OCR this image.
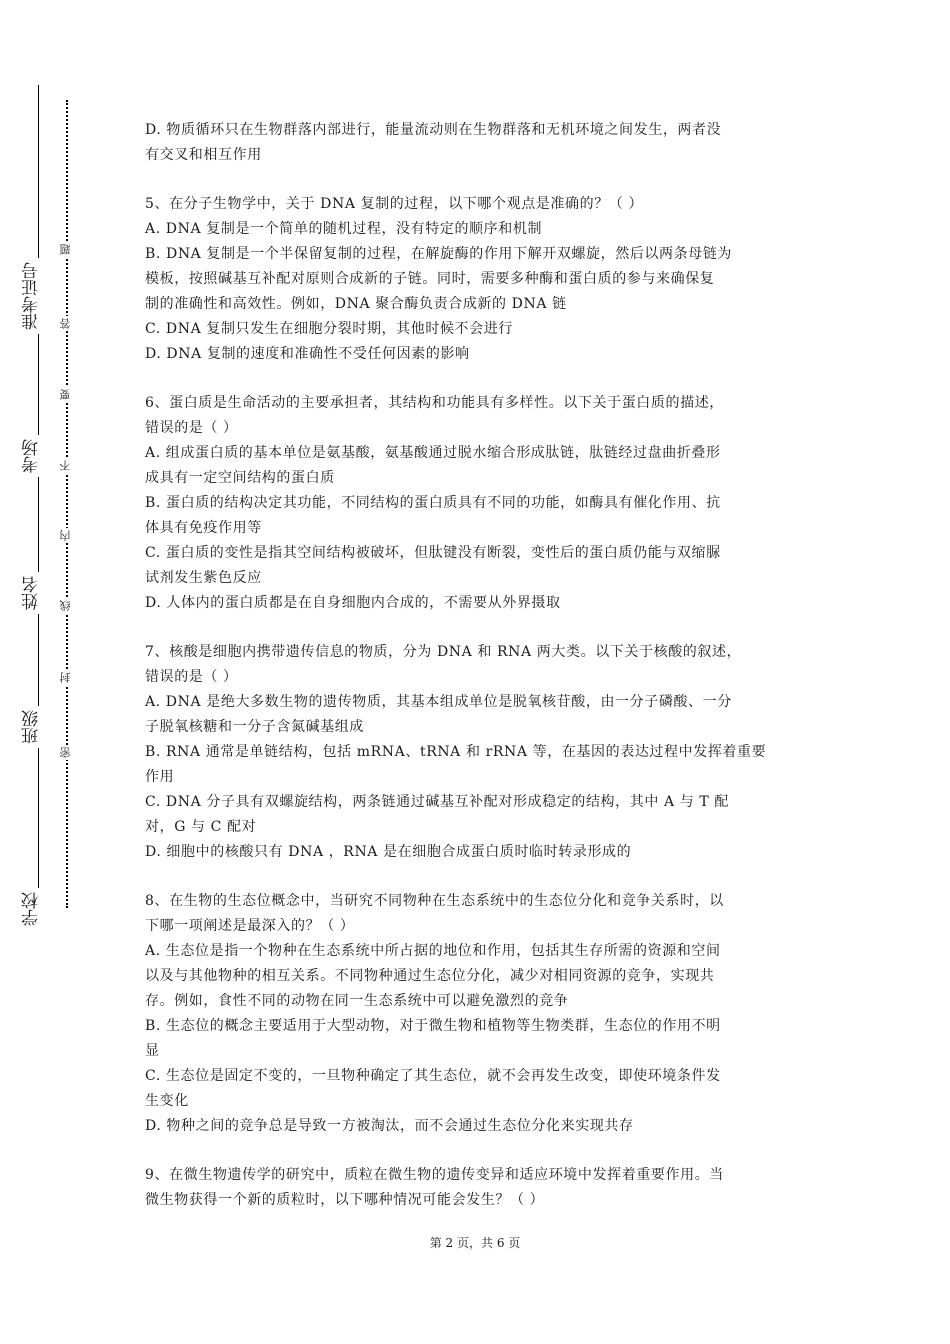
学校

班级

姓名

考场

准考证号

密

封

线

内

不

要

答

题

D. 物质循环只在生物群落内部进行，能量流动则在生物群落和无机环境之间发生，两者没

有交叉和相互作用

5、在分子生物学中，关于 DNA 复制的过程，以下哪个观点是准确的？（ ）

A. DNA 复制是一个简单的随机过程，没有特定的顺序和机制

B. DNA 复制是一个半保留复制的过程，在解旋酶的作用下解开双螺旋，然后以两条母链为

模板，按照碱基互补配对原则合成新的子链。同时，需要多种酶和蛋白质的参与来确保复

制的准确性和高效性。例如，DNA 聚合酶负责合成新的 DNA 链

C. DNA 复制只发生在细胞分裂时期，其他时候不会进行

D. DNA 复制的速度和准确性不受任何因素的影响

6、蛋白质是生命活动的主要承担者，其结构和功能具有多样性。以下关于蛋白质的描述，

错误的是（ ）

A. 组成蛋白质的基本单位是氨基酸，氨基酸通过脱水缩合形成肽链，肽链经过盘曲折叠形

成具有一定空间结构的蛋白质

B. 蛋白质的结构决定其功能，不同结构的蛋白质具有不同的功能，如酶具有催化作用、抗

体具有免疫作用等

C. 蛋白质的变性是指其空间结构被破坏，但肽键没有断裂，变性后的蛋白质仍能与双缩脲

试剂发生紫色反应

D. 人体内的蛋白质都是在自身细胞内合成的，不需要从外界摄取

7、核酸是细胞内携带遗传信息的物质，分为 DNA 和 RNA 两大类。以下关于核酸的叙述，

错误的是（ ）

A. DNA 是绝大多数生物的遗传物质，其基本组成单位是脱氧核苷酸，由一分子磷酸、一分

子脱氧核糖和一分子含氮碱基组成

B. RNA 通常是单链结构，包括 mRNA、tRNA 和 rRNA 等，在基因的表达过程中发挥着重要

作用

C. DNA 分子具有双螺旋结构，两条链通过碱基互补配对形成稳定的结构，其中 A 与 T 配

对，G 与 C 配对

D. 细胞中的核酸只有 DNA ，RNA 是在细胞合成蛋白质时临时转录形成的

8、在生物的生态位概念中，当研究不同物种在生态系统中的生态位分化和竞争关系时，以

下哪一项阐述是最深入的？（ ）

A. 生态位是指一个物种在生态系统中所占据的地位和作用，包括其生存所需的资源和空间

以及与其他物种的相互关系。不同物种通过生态位分化，减少对相同资源的竞争，实现共

存。例如，食性不同的动物在同一生态系统中可以避免激烈的竞争

B. 生态位的概念主要适用于大型动物，对于微生物和植物等生物类群，生态位的作用不明

显

C. 生态位是固定不变的，一旦物种确定了其生态位，就不会再发生改变，即使环境条件发

生变化

D. 物种之间的竞争总是导致一方被淘汰，而不会通过生态位分化来实现共存

9、在微生物遗传学的研究中，质粒在微生物的遗传变异和适应环境中发挥着重要作用。当

微生物获得一个新的质粒时，以下哪种情况可能会发生？（ ）

第 2 页，共 6 页
